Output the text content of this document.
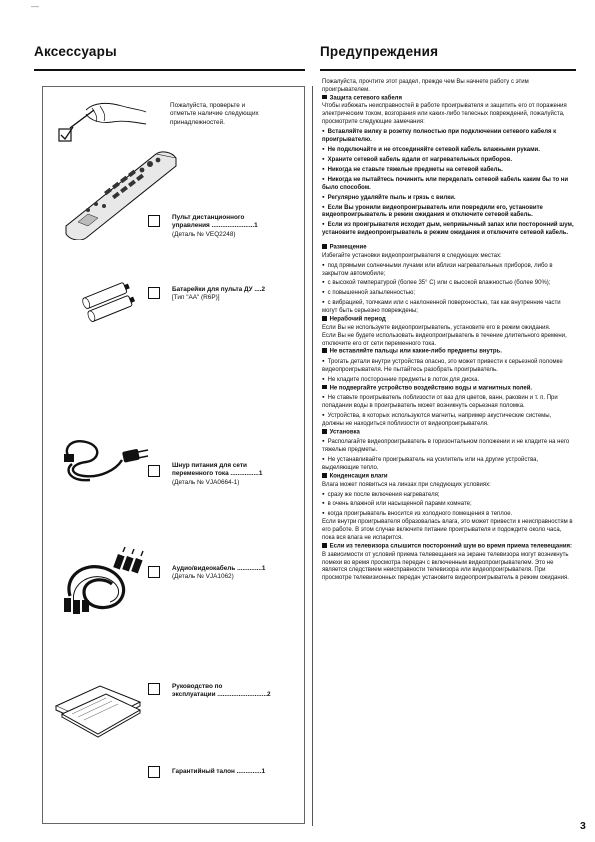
—
Аксессуары
Пожалуйста, проверьте и
отметьте наличие следующих
принадлежностей.
Пульт дистанционного
управления ........................1
(Деталь № VEQ2248)
Батарейки для пульта ДУ ....2
[Тип "АА" (R6P)]
Шнур питания для сети
переменного тока ................1
(Деталь № VJA0664-1)
Аудио/видеокабель ..............1
(Деталь № VJA1062)
Руководство по
эксплуатации ............................2
Гарантийный талон ..............1
Предупреждения

Пожалуйста, прочтите этот раздел, прежде чем Вы начнете работу с этим проигрывателем.

Защита сетевого кабеля

Чтобы избежать неисправностей в работе проигрывателя и защитить его от поражения электрическим током, возгорания или каких-либо телесных повреждений, пожалуйста, просмотрите следующие замечания:

● Вставляйте вилку в розетку полностью при подключении сетевого кабеля к проигрывателю.

● Не подключайте и не отсоединяйте сетевой кабель влажными руками.

● Храните сетевой кабель вдали от нагревательных приборов.

● Никогда не ставьте тяжелые предметы на сетевой кабель.

● Никогда не пытайтесь починить или переделать сетевой кабель каким бы то ни было способом.

● Регулярно удаляйте пыль и грязь с вилки.

● Если Вы уронили видеопроигрыватель или повредили его, установите видеопроигрыватель в режим ожидания и отключите сетевой кабель.

● Если из проигрывателя исходит дым, непривычный запах или посторонний шум, установите видеопроигрыватель в режим ожидания и отключите сетевой кабель.

Размещение

Избегайте установки видеопроигрывателя в следующих местах:

● под прямыми солнечными лучами или вблизи нагревательных приборов, либо в закрытом автомобиле;

● с высокой температурой (более 35° С) или с высокой влажностью (более 90%);

● с повышенной запыленностью;

● с вибрацией, толчками или с наклоненной поверхностью, так как внутренние части могут быть серьезно повреждены;

Нерабочий период

Если Вы не используете видеопроигрыватель, установите его в режим ожидания.

Если Вы не будете использовать видеопроигрыватель в течение длительного времени, отключите его от сети переменного тока.

Не вставляйте пальцы или какие-либо предметы внутрь.

● Трогать детали внутри устройства опасно, это может привести к серьезной поломке видеопроигрывателя. Не пытайтесь разобрать проигрыватель.

● Не кладите посторонние предметы в лоток для диска.

Не подвергайте устройство воздействию воды и магнитных полей.

● Не ставьте проигрыватель поблизости от ваз для цветов, ванн, раковин и т. п. При попадании воды в проигрыватель может возникнуть серьезная поломка.

● Устройства, в которых используются магниты, например акустические системы, должны не находиться поблизости от видеопроигрывателя.

Установка

● Располагайте видеопроигрыватель в горизонтальном положении и не кладите на него тяжелые предметы.

● Не устанавливайте проигрыватель на усилитель или на другие устройства, выделяющие тепло.

Конденсация влаги

Влага может появиться на линзах при следующих условиях:

● сразу же после включения нагревателя;

● в очень влажной или насыщенной парами комнате;

● когда проигрыватель вносится из холодного помещения в теплое.

Если внутри проигрывателя образовалась влага, это может привести к неисправностям в его работе. В этом случае включите питание проигрывателя и подождите около часа, пока вся влага не испарится.

Если из телевизора слышится посторонний шум во время приема телевещания:

В зависимости от условий приема телевещания на экране телевизора могут возникнуть помехи во время просмотра передач с включенным видеопроигрывателем. Это не является следствием неисправности телевизора или видеопроигрывателя. При просмотре телевизионных передач установите видеопроигрыватель в режим ожидания.

3
